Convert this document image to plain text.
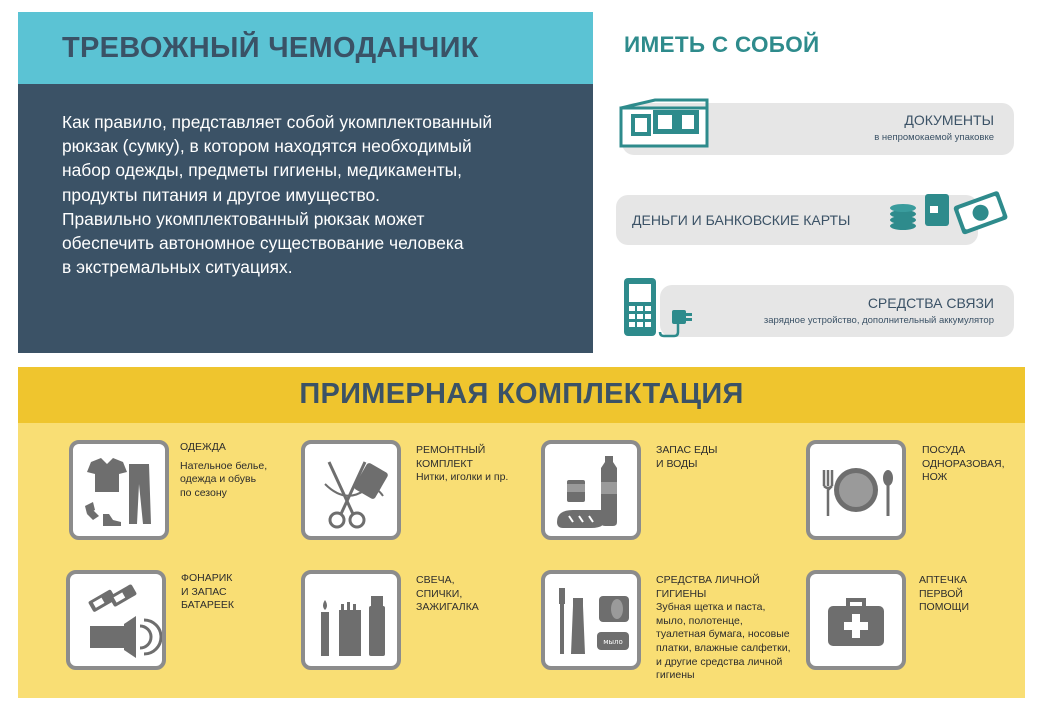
ТРЕВОЖНЫЙ ЧЕМОДАНЧИК
Как правило, представляет собой укомплектованный
рюкзак (сумку), в котором находятся необходимый
набор одежды, предметы гигиены, медикаменты,
продукты питания и другое имущество.
Правильно укомплектованный рюкзак может
обеспечить автономное существование человека
в экстремальных ситуациях.
ИМЕТЬ С СОБОЙ
ДОКУМЕНТЫ
в непромокаемой упаковке
ДЕНЬГИ И БАНКОВСКИЕ КАРТЫ
СРЕДСТВА СВЯЗИ
зарядное устройство, дополнительный аккумулятор
ПРИМЕРНАЯ КОМПЛЕКТАЦИЯ
ОДЕЖДА
Нательное белье,
одежда и обувь
по сезону
РЕМОНТНЫЙ
КОМПЛЕКТ
Нитки, иголки и пр.
ЗАПАС ЕДЫ
И ВОДЫ
ПОСУДА
ОДНОРАЗОВАЯ,
НОЖ
ФОНАРИК
И ЗАПАС
БАТАРЕЕК
СВЕЧА,
СПИЧКИ,
ЗАЖИГАЛКА
мыло
СРЕДСТВА ЛИЧНОЙ
ГИГИЕНЫ
Зубная щетка и паста,
мыло, полотенце,
туалетная бумага, носовые
платки, влажные салфетки,
и другие средства личной
гигиены
АПТЕЧКА
ПЕРВОЙ
ПОМОЩИ
